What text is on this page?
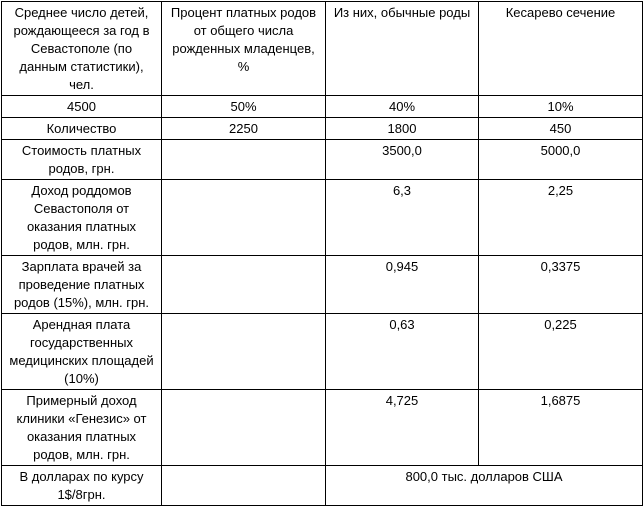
Среднее число детей, рождающееся за год в Севастополе (по данным статистики), чел.	Процент платных родов от общего числа рожденных младенцев, %	Из них, обычные роды	Кесарево сечение
4500	50%	40%	10%
Количество	2250	1800	450
Стоимость платных родов, грн.		3500,0	5000,0
Доход роддомов Севастополя от оказания платных родов, млн. грн.		6,3	2,25
Зарплата врачей за проведение платных родов (15%), млн. грн.		0,945	0,3375
Арендная плата государственных медицинских площадей (10%)		0,63	0,225
Примерный доход клиники «Генезис» от оказания платных родов, млн. грн.		4,725	1,6875
В долларах по курсу 1$/8грн.		800,0 тыс. долларов США	
